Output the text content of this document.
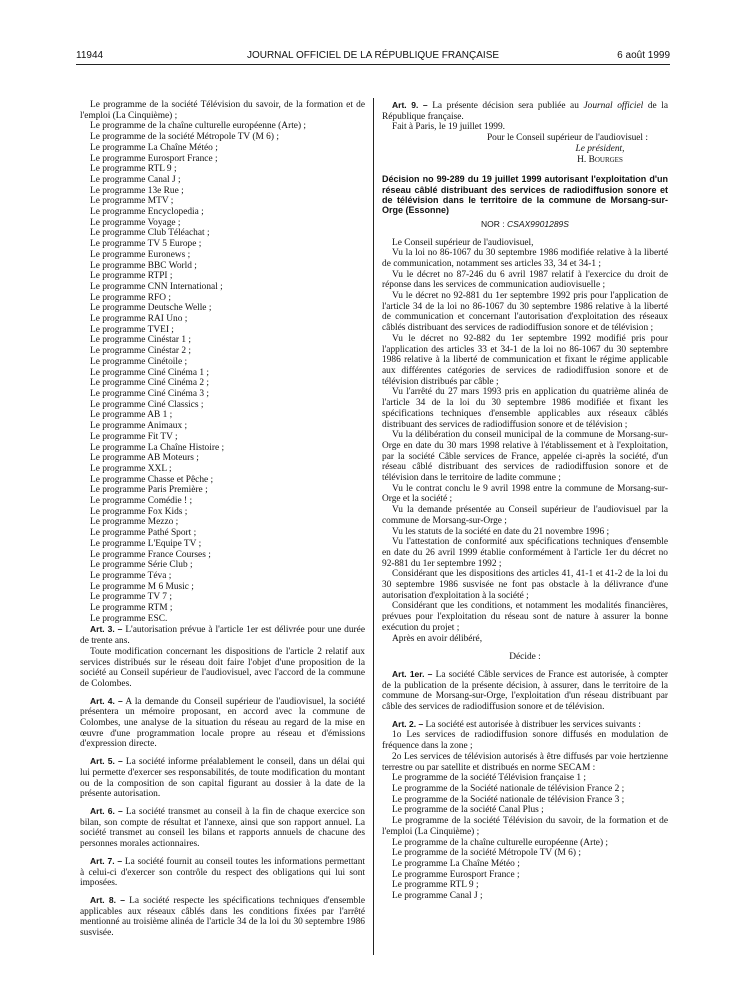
11944	JOURNAL OFFICIEL DE LA RÉPUBLIQUE FRANÇAISE	6 août 1999

Le programme de la société Télévision du savoir, de la formation et de l'emploi (La Cinquième) ;

Le programme de la chaîne culturelle européenne (Arte) ;

Le programme de la société Métropole TV (M 6) ;

Le programme La Chaîne Météo ;

Le programme Eurosport France ;

Le programme RTL 9 ;

Le programme Canal J ;

Le programme 13e Rue ;

Le programme MTV ;

Le programme Encyclopedia ;

Le programme Voyage ;

Le programme Club Téléachat ;

Le programme TV 5 Europe ;

Le programme Euronews ;

Le programme BBC World ;

Le programme RTPI ;

Le programme CNN International ;

Le programme RFO ;

Le programme Deutsche Welle ;

Le programme RAI Uno ;

Le programme TVEI ;

Le programme Cinéstar 1 ;

Le programme Cinéstar 2 ;

Le programme Cinétoile ;

Le programme Ciné Cinéma 1 ;

Le programme Ciné Cinéma 2 ;

Le programme Ciné Cinéma 3 ;

Le programme Ciné Classics ;

Le programme AB 1 ;

Le programme Animaux ;

Le programme Fit TV ;

Le programme La Chaîne Histoire ;

Le programme AB Moteurs ;

Le programme XXL ;

Le programme Chasse et Pêche ;

Le programme Paris Première ;

Le programme Comédie ! ;

Le programme Fox Kids ;

Le programme Mezzo ;

Le programme Pathé Sport ;

Le programme L'Equipe TV ;

Le programme France Courses ;

Le programme Série Club ;

Le programme Téva ;

Le programme M 6 Music ;

Le programme TV 7 ;

Le programme RTM ;

Le programme ESC.

Art. 3. – L'autorisation prévue à l'article 1er est délivrée pour une durée de trente ans.

Toute modification concernant les dispositions de l'article 2 relatif aux services distribués sur le réseau doit faire l'objet d'une proposition de la société au Conseil supérieur de l'audiovisuel, avec l'accord de la commune de Colombes.

Art. 4. – A la demande du Conseil supérieur de l'audiovisuel, la société présentera un mémoire proposant, en accord avec la commune de Colombes, une analyse de la situation du réseau au regard de la mise en œuvre d'une programmation locale propre au réseau et d'émissions d'expression directe.

Art. 5. – La société informe préalablement le conseil, dans un délai qui lui permette d'exercer ses responsabilités, de toute modification du montant ou de la composition de son capital figurant au dossier à la date de la présente autorisation.

Art. 6. – La société transmet au conseil à la fin de chaque exercice son bilan, son compte de résultat et l'annexe, ainsi que son rapport annuel. La société transmet au conseil les bilans et rapports annuels de chacune des personnes morales actionnaires.

Art. 7. – La société fournit au conseil toutes les informations permettant à celui-ci d'exercer son contrôle du respect des obligations qui lui sont imposées.

Art. 8. – La société respecte les spécifications techniques d'ensemble applicables aux réseaux câblés dans les conditions fixées par l'arrêté mentionné au troisième alinéa de l'article 34 de la loi du 30 septembre 1986 susvisée.

Art. 9. – La présente décision sera publiée au Journal officiel de la République française.

Fait à Paris, le 19 juillet 1999.

Pour le Conseil supérieur de l'audiovisuel :

Le président,

H. Bourges

Décision no 99-289 du 19 juillet 1999 autorisant l'exploitation d'un réseau câblé distribuant des services de radiodiffusion sonore et de télévision dans le territoire de la commune de Morsang-sur-Orge (Essonne)

NOR : CSAX9901289S

Le Conseil supérieur de l'audiovisuel,

Vu la loi no 86-1067 du 30 septembre 1986 modifiée relative à la liberté de communication, notamment ses articles 33, 34 et 34-1 ;

Vu le décret no 87-246 du 6 avril 1987 relatif à l'exercice du droit de réponse dans les services de communication audiovisuelle ;

Vu le décret no 92-881 du 1er septembre 1992 pris pour l'application de l'article 34 de la loi no 86-1067 du 30 septembre 1986 relative à la liberté de communication et concernant l'autorisation d'exploitation des réseaux câblés distribuant des services de radiodiffusion sonore et de télévision ;

Vu le décret no 92-882 du 1er septembre 1992 modifié pris pour l'application des articles 33 et 34-1 de la loi no 86-1067 du 30 septembre 1986 relative à la liberté de communication et fixant le régime applicable aux différentes catégories de services de radiodiffusion sonore et de télévision distribués par câble ;

Vu l'arrêté du 27 mars 1993 pris en application du quatrième alinéa de l'article 34 de la loi du 30 septembre 1986 modifiée et fixant les spécifications techniques d'ensemble applicables aux réseaux câblés distribuant des services de radiodiffusion sonore et de télévision ;

Vu la délibération du conseil municipal de la commune de Morsang-sur-Orge en date du 30 mars 1998 relative à l'établissement et à l'exploitation, par la société Câble services de France, appelée ci-après la société, d'un réseau câblé distribuant des services de radiodiffusion sonore et de télévision dans le territoire de ladite commune ;

Vu le contrat conclu le 9 avril 1998 entre la commune de Morsang-sur-Orge et la société ;

Vu la demande présentée au Conseil supérieur de l'audiovisuel par la commune de Morsang-sur-Orge ;

Vu les statuts de la société en date du 21 novembre 1996 ;

Vu l'attestation de conformité aux spécifications techniques d'ensemble en date du 26 avril 1999 établie conformément à l'article 1er du décret no 92-881 du 1er septembre 1992 ;

Considérant que les dispositions des articles 41, 41-1 et 41-2 de la loi du 30 septembre 1986 susvisée ne font pas obstacle à la délivrance d'une autorisation d'exploitation à la société ;

Considérant que les conditions, et notamment les modalités financières, prévues pour l'exploitation du réseau sont de nature à assurer la bonne exécution du projet ;

Après en avoir délibéré,

Décide :

Art. 1er. – La société Câble services de France est autorisée, à compter de la publication de la présente décision, à assurer, dans le territoire de la commune de Morsang-sur-Orge, l'exploitation d'un réseau distribuant par câble des services de radiodiffusion sonore et de télévision.

Art. 2. – La société est autorisée à distribuer les services suivants :

1o Les services de radiodiffusion sonore diffusés en modulation de fréquence dans la zone ;

2o Les services de télévision autorisés à être diffusés par voie hertzienne terrestre ou par satellite et distribués en norme SECAM :

Le programme de la société Télévision française 1 ;

Le programme de la Société nationale de télévision France 2 ;

Le programme de la Société nationale de télévision France 3 ;

Le programme de la société Canal Plus ;

Le programme de la société Télévision du savoir, de la formation et de l'emploi (La Cinquième) ;

Le programme de la chaîne culturelle européenne (Arte) ;

Le programme de la société Métropole TV (M 6) ;

Le programme La Chaîne Météo ;

Le programme Eurosport France ;

Le programme RTL 9 ;

Le programme Canal J ;
